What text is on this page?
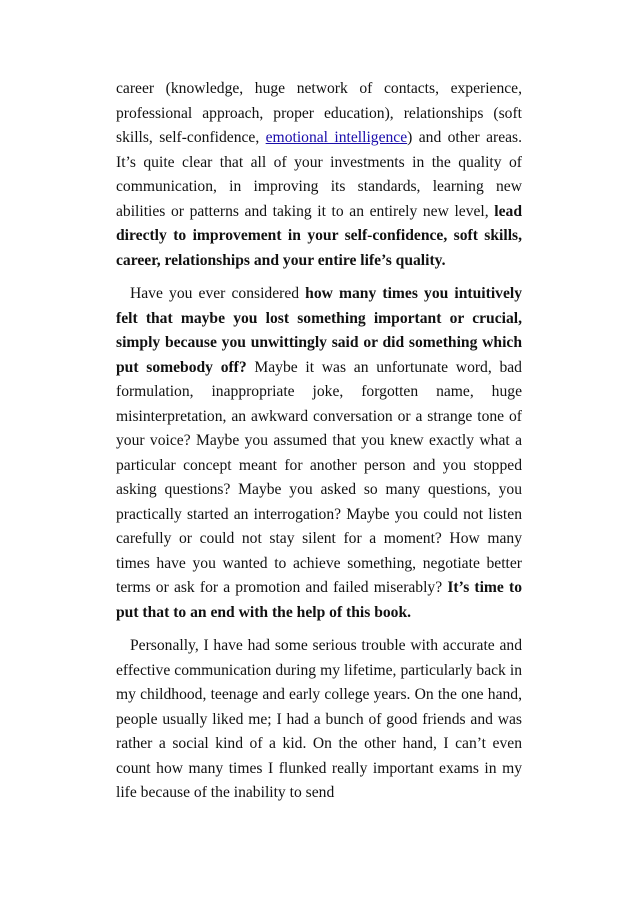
career (knowledge, huge network of contacts, experience, professional approach, proper education), relationships (soft skills, self-confidence, emotional intelligence) and other areas. It’s quite clear that all of your investments in the quality of communication, in improving its standards, learning new abilities or patterns and taking it to an entirely new level, lead directly to improvement in your self-confidence, soft skills, career, relationships and your entire life’s quality.

Have you ever considered how many times you intuitively felt that maybe you lost something important or crucial, simply because you unwittingly said or did something which put somebody off? Maybe it was an unfortunate word, bad formulation, inappropriate joke, forgotten name, huge misinterpretation, an awkward conversation or a strange tone of your voice? Maybe you assumed that you knew exactly what a particular concept meant for another person and you stopped asking questions? Maybe you asked so many questions, you practically started an interrogation? Maybe you could not listen carefully or could not stay silent for a moment? How many times have you wanted to achieve something, negotiate better terms or ask for a promotion and failed miserably? It’s time to put that to an end with the help of this book.

Personally, I have had some serious trouble with accurate and effective communication during my lifetime, particularly back in my childhood, teenage and early college years. On the one hand, people usually liked me; I had a bunch of good friends and was rather a social kind of a kid. On the other hand, I can’t even count how many times I flunked really important exams in my life because of the inability to send
